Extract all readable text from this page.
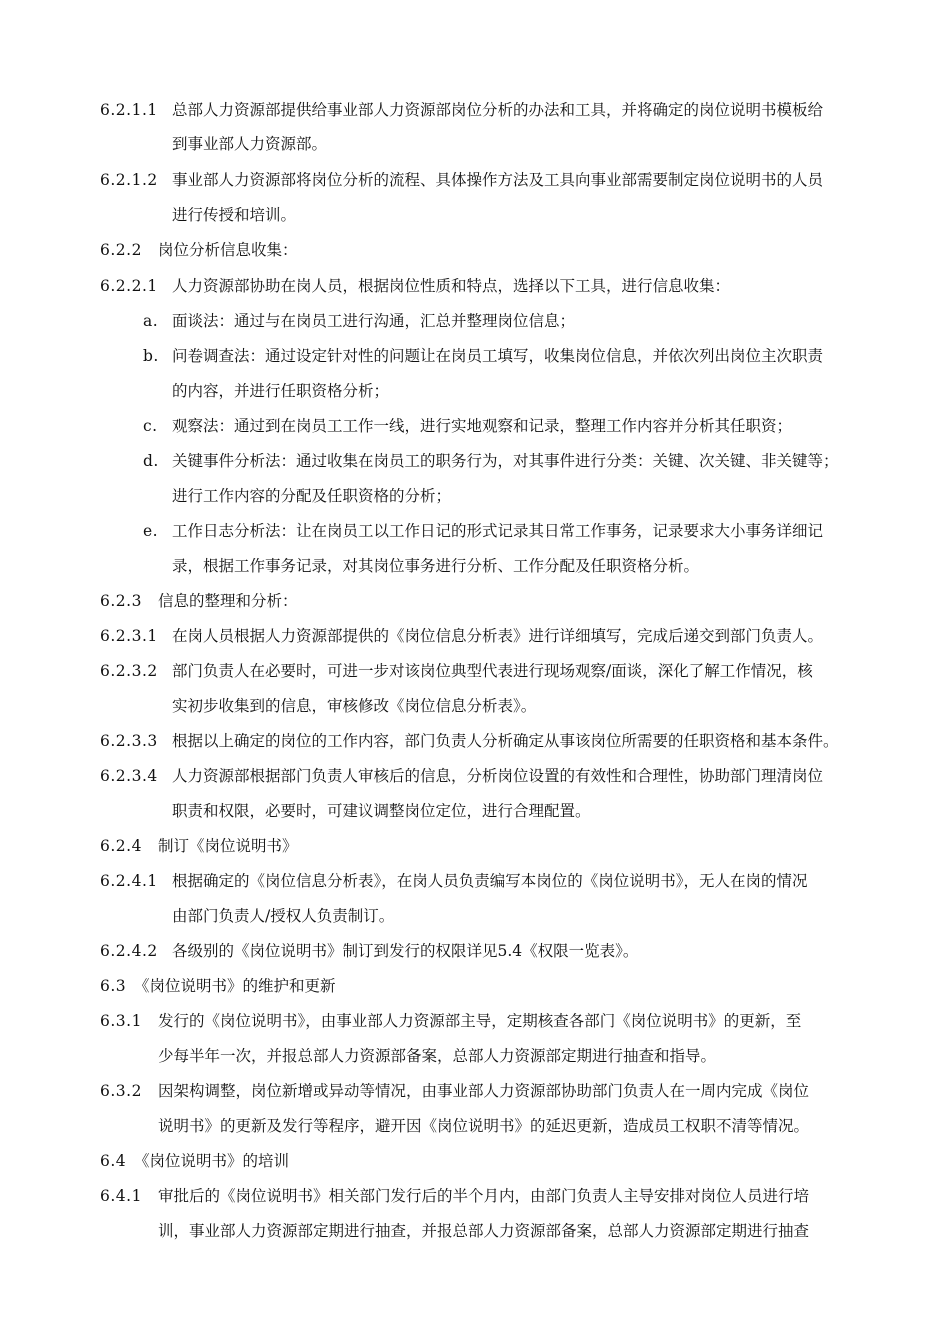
6.2.1.1 总部人力资源部提供给事业部人力资源部岗位分析的办法和工具，并将确定的岗位说明书模板给
到事业部人力资源部。
6.2.1.2 事业部人力资源部将岗位分析的流程、具体操作方法及工具向事业部需要制定岗位说明书的人员
进行传授和培训。
6.2.2 岗位分析信息收集：
6.2.2.1 人力资源部协助在岗人员，根据岗位性质和特点，选择以下工具，进行信息收集：
a. 面谈法：通过与在岗员工进行沟通，汇总并整理岗位信息；
b. 问卷调查法：通过设定针对性的问题让在岗员工填写，收集岗位信息，并依次列出岗位主次职责
的内容，并进行任职资格分析；
c. 观察法：通过到在岗员工工作一线，进行实地观察和记录，整理工作内容并分析其任职资；
d. 关键事件分析法：通过收集在岗员工的职务行为，对其事件进行分类：关键、次关键、非关键等；
进行工作内容的分配及任职资格的分析；
e. 工作日志分析法：让在岗员工以工作日记的形式记录其日常工作事务，记录要求大小事务详细记
录，根据工作事务记录，对其岗位事务进行分析、工作分配及任职资格分析。
6.2.3 信息的整理和分析：
6.2.3.1 在岗人员根据人力资源部提供的《岗位信息分析表》进行详细填写，完成后递交到部门负责人。
6.2.3.2 部门负责人在必要时，可进一步对该岗位典型代表进行现场观察/面谈，深化了解工作情况，核
实初步收集到的信息，审核修改《岗位信息分析表》。
6.2.3.3 根据以上确定的岗位的工作内容，部门负责人分析确定从事该岗位所需要的任职资格和基本条件。
6.2.3.4 人力资源部根据部门负责人审核后的信息，分析岗位设置的有效性和合理性，协助部门理清岗位
职责和权限，必要时，可建议调整岗位定位，进行合理配置。
6.2.4 制订《岗位说明书》
6.2.4.1 根据确定的《岗位信息分析表》，在岗人员负责编写本岗位的《岗位说明书》，无人在岗的情况
由部门负责人/授权人负责制订。
6.2.4.2 各级别的《岗位说明书》制订到发行的权限详见5.4《权限一览表》。
6.3 《岗位说明书》的维护和更新
6.3.1 发行的《岗位说明书》，由事业部人力资源部主导，定期核查各部门《岗位说明书》的更新，至
少每半年一次，并报总部人力资源部备案，总部人力资源部定期进行抽查和指导。
6.3.2 因架构调整，岗位新增或异动等情况，由事业部人力资源部协助部门负责人在一周内完成《岗位
说明书》的更新及发行等程序，避开因《岗位说明书》的延迟更新，造成员工权职不清等情况。
6.4 《岗位说明书》的培训
6.4.1 审批后的《岗位说明书》相关部门发行后的半个月内，由部门负责人主导安排对岗位人员进行培
训，事业部人力资源部定期进行抽查，并报总部人力资源部备案，总部人力资源部定期进行抽查
